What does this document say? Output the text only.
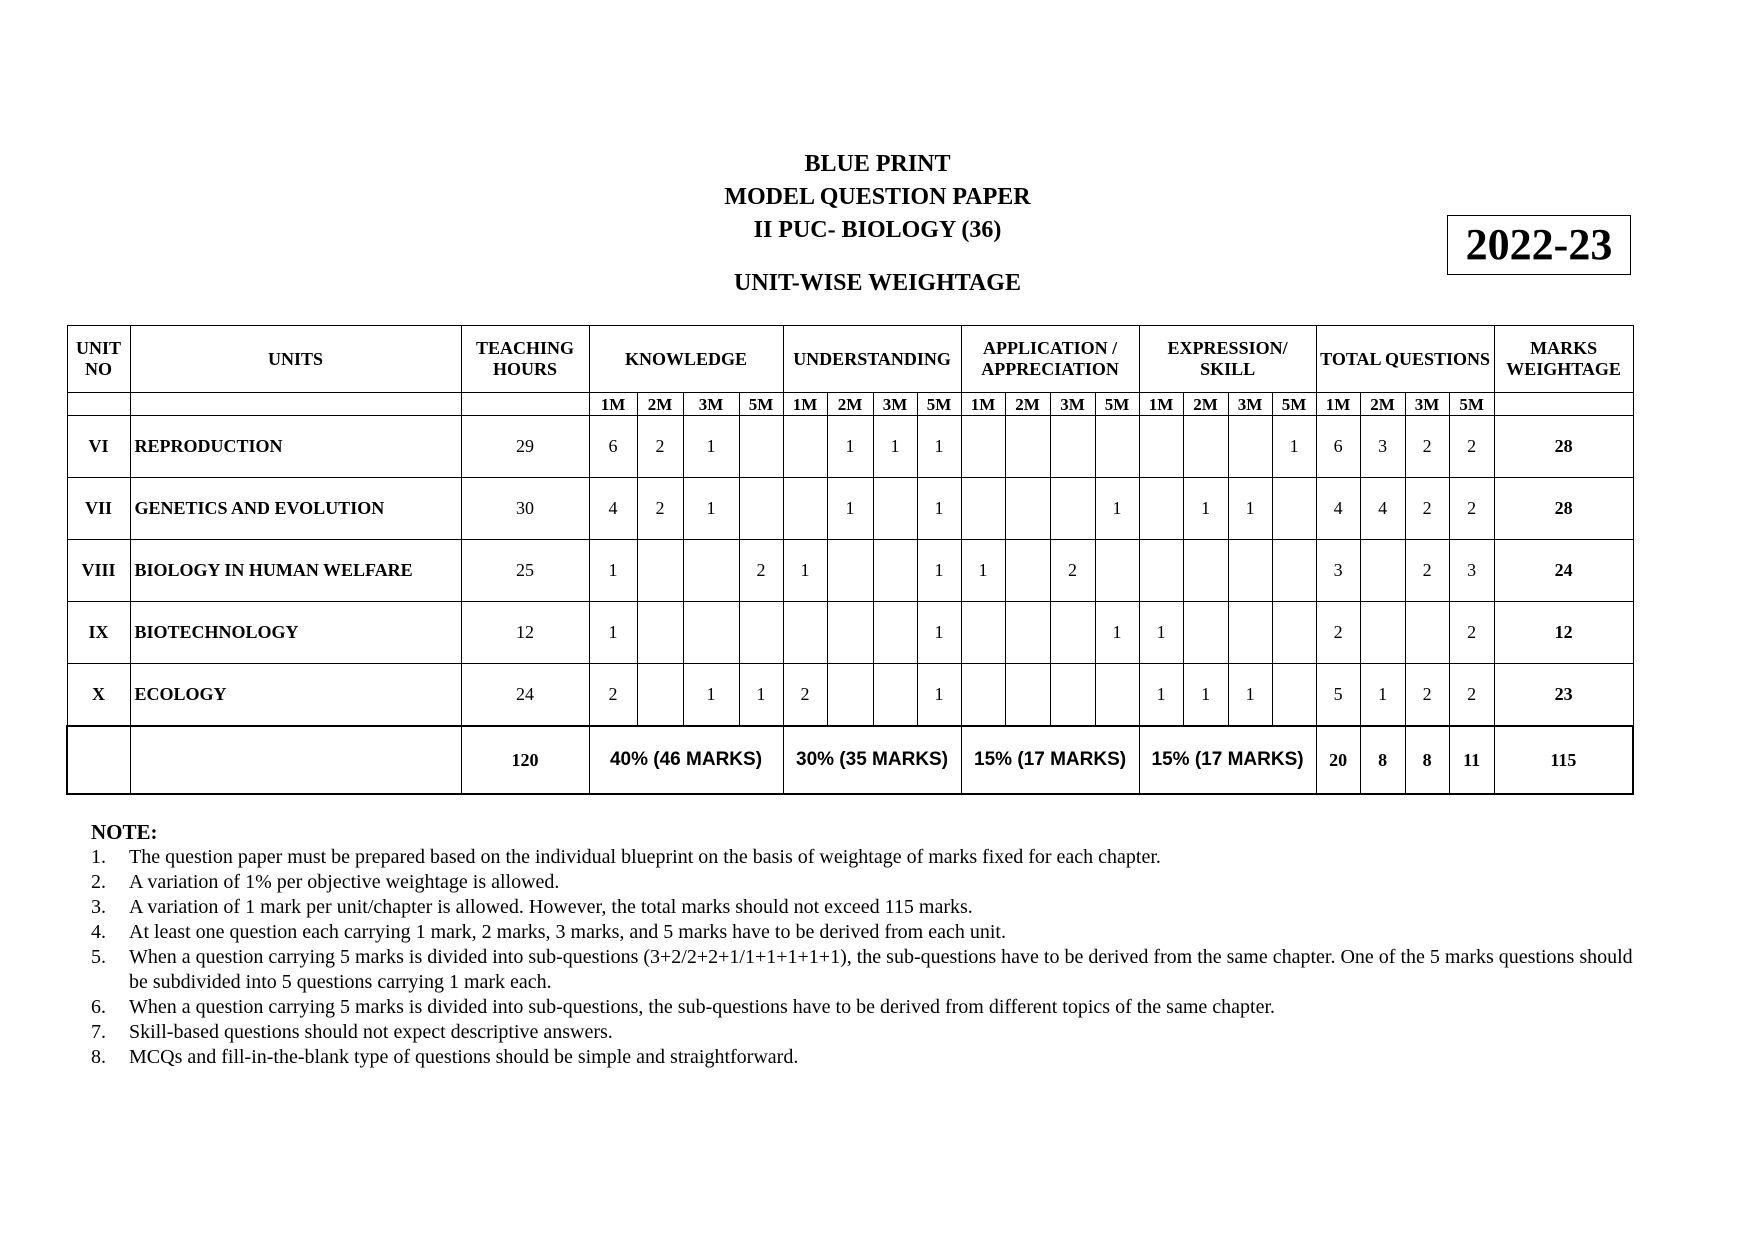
BLUE PRINT
MODEL QUESTION PAPER
II PUC- BIOLOGY (36)
UNIT-WISE WEIGHTAGE
2022-23
UNIT NO	UNITS	TEACHING HOURS	KNOWLEDGE				UNDERSTANDING				APPLICATION / APPRECIATION				EXPRESSION/ SKILL				TOTAL QUESTIONS				MARKS WEIGHTAGE
			1M	2M	3M	5M	1M	2M	3M	5M	1M	2M	3M	5M	1M	2M	3M	5M	1M	2M	3M	5M	
VI	REPRODUCTION	29	6	2	1			1	1	1								1	6	3	2	2	28
VII	GENETICS AND EVOLUTION	30	4	2	1			1		1				1		1	1		4	4	2	2	28
VIII	BIOLOGY IN HUMAN WELFARE	25	1			2	1			1	1		2						3		2	3	24
IX	BIOTECHNOLOGY	12	1							1				1	1				2			2	12
X	ECOLOGY	24	2		1	1	2			1					1	1	1		5	1	2	2	23
		120	40% (46 MARKS)				30% (35 MARKS)				15% (17 MARKS)				15% (17 MARKS)				20	8	8	11	115
NOTE:
1. The question paper must be prepared based on the individual blueprint on the basis of weightage of marks fixed for each chapter.
2. A variation of 1% per objective weightage is allowed.
3. A variation of 1 mark per unit/chapter is allowed. However, the total marks should not exceed 115 marks.
4. At least one question each carrying 1 mark, 2 marks, 3 marks, and 5 marks have to be derived from each unit.
5. When a question carrying 5 marks is divided into sub-questions (3+2/2+2+1/1+1+1+1+1), the sub-questions have to be derived from the same chapter. One of the 5 marks questions should be subdivided into 5 questions carrying 1 mark each.
6. When a question carrying 5 marks is divided into sub-questions, the sub-questions have to be derived from different topics of the same chapter.
7. Skill-based questions should not expect descriptive answers.
8. MCQs and fill-in-the-blank type of questions should be simple and straightforward.
